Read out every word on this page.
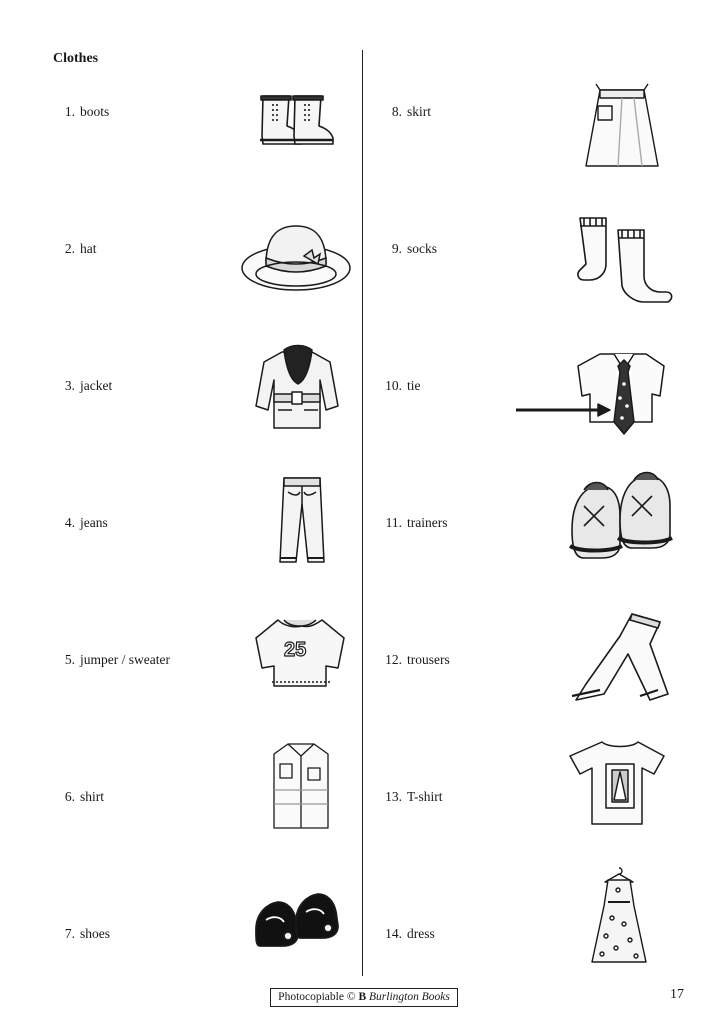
Clothes
1. boots
2. hat
3. jacket
4. jeans
5. jumper / sweater
6. shirt
7. shoes
8. skirt
9. socks
10. tie
11. trainers
12. trousers
13. T-shirt
14. dress
25
Photocopiable © B Burlington Books	17
